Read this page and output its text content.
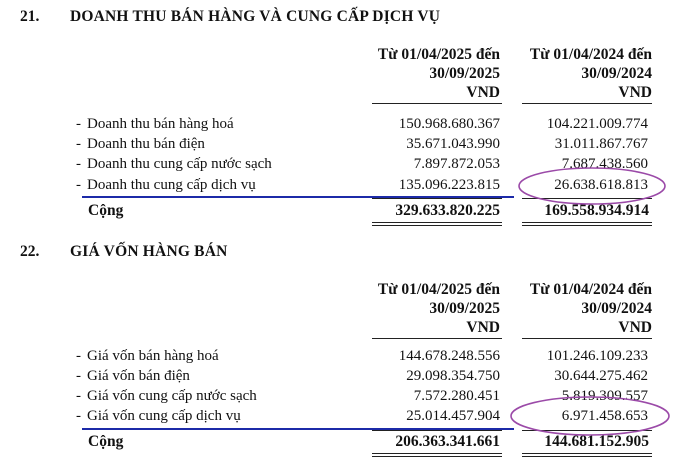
21.	DOANH THU BÁN HÀNG VÀ CUNG CẤP DỊCH VỤ
Từ 01/04/2025 đến
30/09/2025
VND
Từ 01/04/2024 đến
30/09/2024
VND
- Doanh thu bán hàng hoá	150.968.680.367	104.221.009.774
- Doanh thu bán điện	35.671.043.990	31.011.867.767
- Doanh thu cung cấp nước sạch	7.897.872.053	7.687.438.560
- Doanh thu cung cấp dịch vụ	135.096.223.815	26.638.618.813
Cộng	329.633.820.225	169.558.934.914
22.	GIÁ VỐN HÀNG BÁN
Từ 01/04/2025 đến
30/09/2025
VND
Từ 01/04/2024 đến
30/09/2024
VND
- Giá vốn bán hàng hoá	144.678.248.556	101.246.109.233
- Giá vốn bán điện	29.098.354.750	30.644.275.462
- Giá vốn cung cấp nước sạch	7.572.280.451	5.819.309.557
- Giá vốn cung cấp dịch vụ	25.014.457.904	6.971.458.653
Cộng	206.363.341.661	144.681.152.905
